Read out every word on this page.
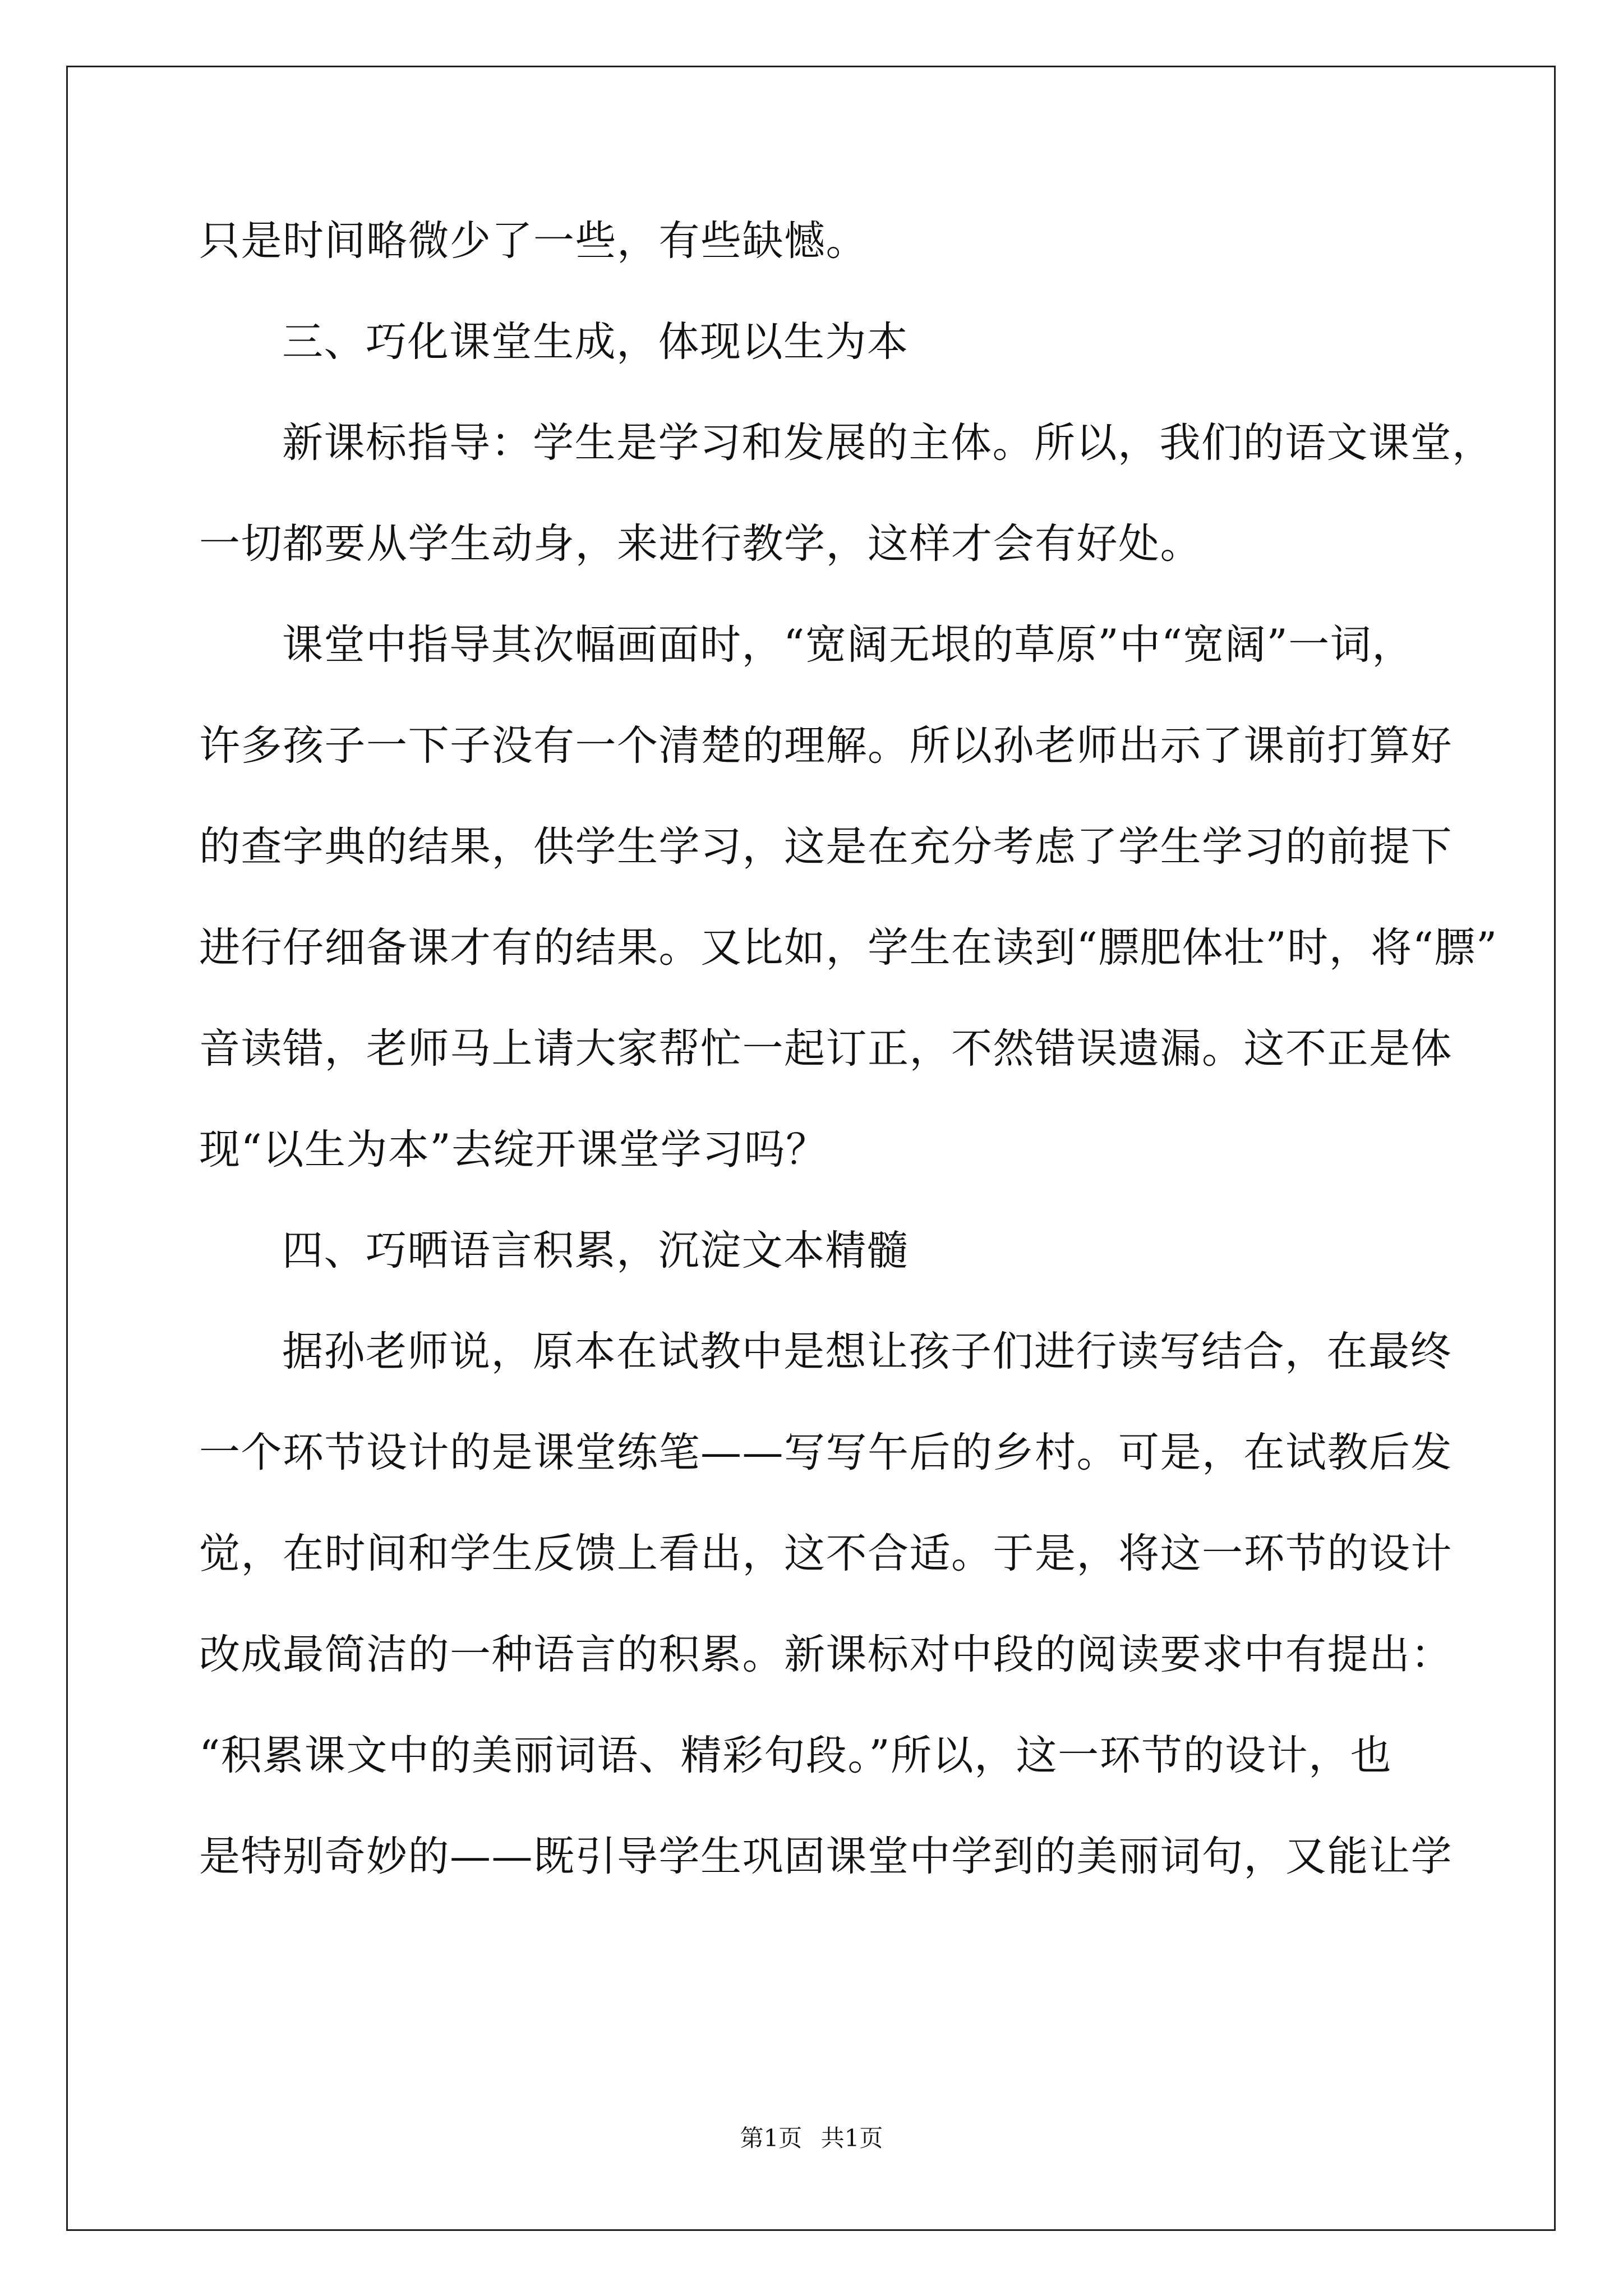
只是时间略微少了一些，有些缺憾。
三、巧化课堂生成，体现以生为本
新课标指导：学生是学习和发展的主体。所以，我们的语文课堂，
一切都要从学生动身，来进行教学，这样才会有好处。
课堂中指导其次幅画面时，“宽阔无垠的草原”中“宽阔”一词，
许多孩子一下子没有一个清楚的理解。所以孙老师出示了课前打算好
的查字典的结果，供学生学习，这是在充分考虑了学生学习的前提下
进行仔细备课才有的结果。又比如，学生在读到“膘肥体壮”时，将“膘”
音读错，老师马上请大家帮忙一起订正，不然错误遗漏。这不正是体
现“以生为本”去绽开课堂学习吗？
四、巧晒语言积累，沉淀文本精髓
据孙老师说，原本在试教中是想让孩子们进行读写结合，在最终
一个环节设计的是课堂练笔——写写午后的乡村。可是，在试教后发
觉，在时间和学生反馈上看出，这不合适。于是，将这一环节的设计
改成最简洁的一种语言的积累。新课标对中段的阅读要求中有提出：
“积累课文中的美丽词语、精彩句段。”所以，这一环节的设计，也
是特别奇妙的——既引导学生巩固课堂中学到的美丽词句，又能让学
第1页 共1页
